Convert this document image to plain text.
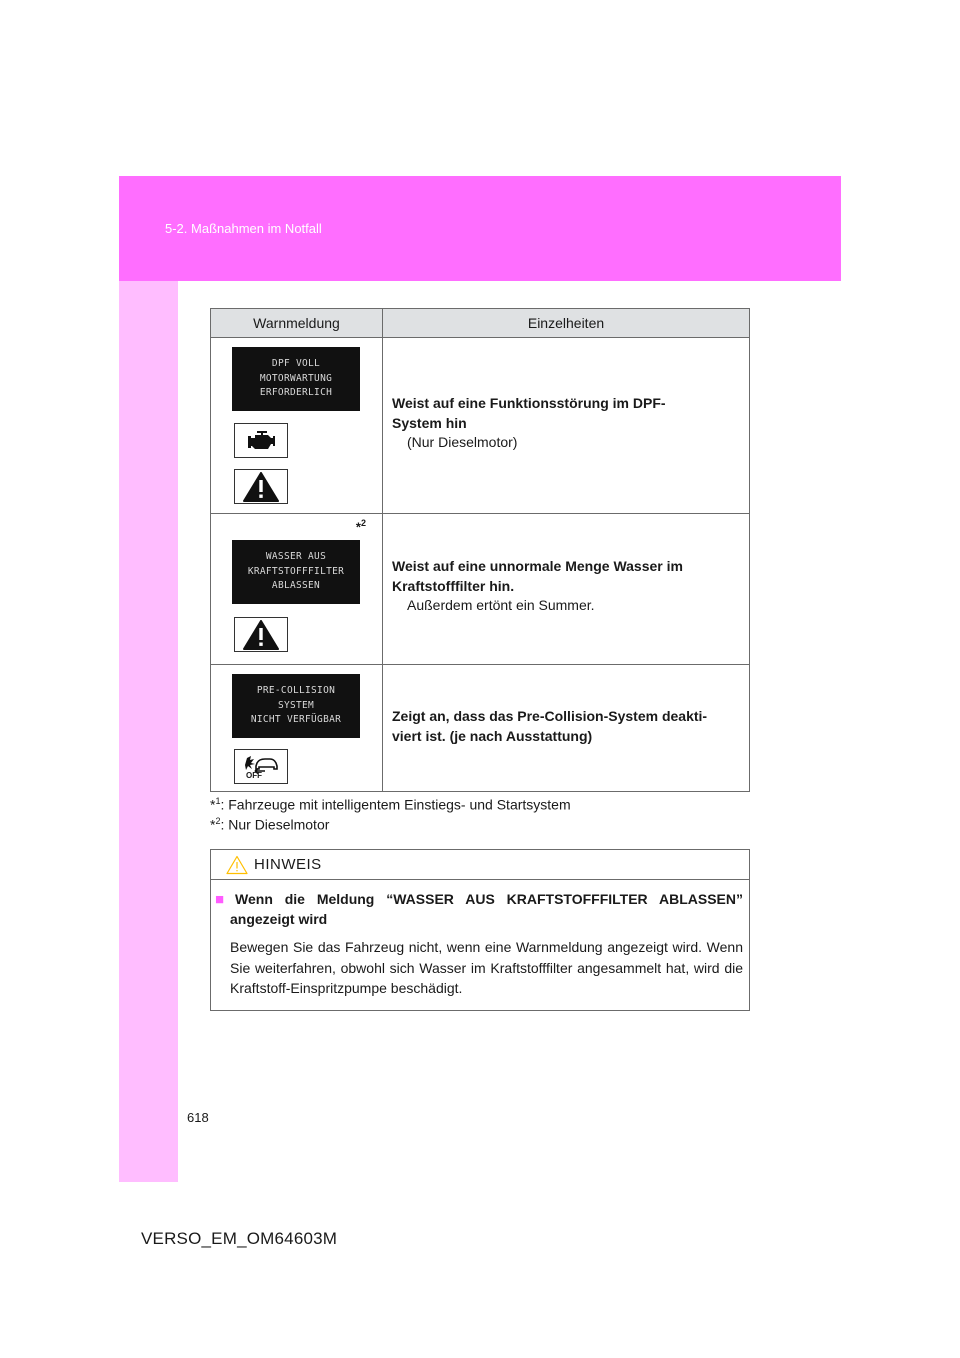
5-2. Maßnahmen im Notfall
Warnmeldung	Einzelheiten
DPF VOLL
MOTORWARTUNG
ERFORDERLICH
Weist auf eine Funktionsstörung im DPF-
System hin
(Nur Dieselmotor)
*$^2$
WASSER AUS
KRAFTSTOFFFILTER
ABLASSEN
Weist auf eine unnormale Menge Wasser im
Kraftstofffilter hin.
Außerdem ertönt ein Summer.
PRE-COLLISION
SYSTEM
NICHT VERFÜGBAR
OFF
Zeigt an, dass das Pre-Collision-System deakti-
viert ist. (je nach Ausstattung)
*$^1$: Fahrzeuge mit intelligentem Einstiegs- und Startsystem
*$^2$: Nur Dieselmotor
HINWEIS
■ Wenn die Meldung “WASSER AUS KRAFTSTOFFFILTER ABLASSEN” angezeigt wird
Bewegen Sie das Fahrzeug nicht, wenn eine Warnmeldung angezeigt wird. Wenn Sie weiterfahren, obwohl sich Wasser im Kraftstofffilter angesammelt hat, wird die Kraftstoff-Einspritzpumpe beschädigt.
618
VERSO_EM_OM64603M
